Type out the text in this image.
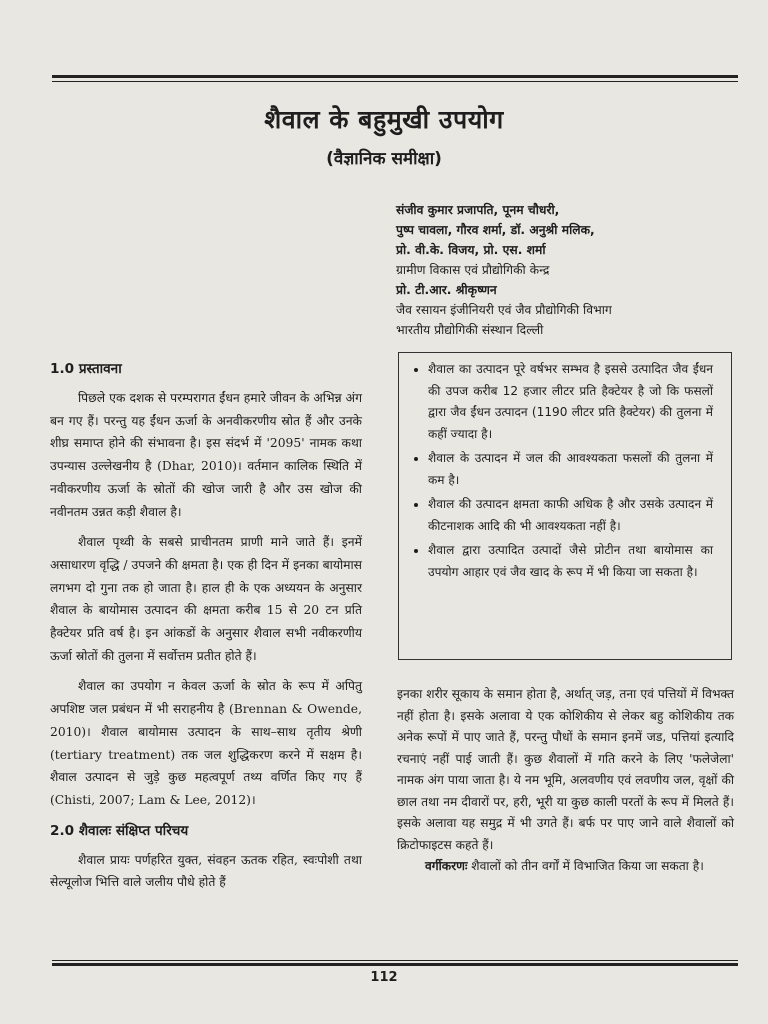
शैवाल के बहुमुखी उपयोग
(वैज्ञानिक समीक्षा)
संजीव कुमार प्रजापति, पूनम चौधरी,
पुष्प चावला, गौरव शर्मा, डॉ. अनुश्री मलिक,
प्रो. वी.के. विजय, प्रो. एस. शर्मा
ग्रामीण विकास एवं प्रौद्योगिकी केन्द्र
प्रो. टी.आर. श्रीकृष्णन
जैव रसायन इंजीनियरी एवं जैव प्रौद्योगिकी विभाग
भारतीय प्रौद्योगिकी संस्थान दिल्ली
1.0 प्रस्तावना

पिछले एक दशक से परम्परागत ईंधन हमारे जीवन के अभिन्न अंग बन गए हैं। परन्तु यह ईंधन ऊर्जा के अनवीकरणीय स्रोत हैं और उनके शीघ्र समाप्त होने की संभावना है। इस संदर्भ में '2095' नामक कथा उपन्यास उल्लेखनीय है (Dhar, 2010)। वर्तमान कालिक स्थिति में नवीकरणीय ऊर्जा के स्रोतों की खोज जारी है और उस खोज की नवीनतम उन्नत कड़ी शैवाल है।

शैवाल पृथ्वी के सबसे प्राचीनतम प्राणी माने जाते हैं। इनमें असाधारण वृद्धि / उपजने की क्षमता है। एक ही दिन में इनका बायोमास लगभग दो गुना तक हो जाता है। हाल ही के एक अध्ययन के अनुसार शैवाल के बायोमास उत्पादन की क्षमता करीब 15 से 20 टन प्रति हैक्टेयर प्रति वर्ष है। इन आंकडों के अनुसार शैवाल सभी नवीकरणीय ऊर्जा स्रोतों की तुलना में सर्वोत्तम प्रतीत होते हैं।

शैवाल का उपयोग न केवल ऊर्जा के स्रोत के रूप में अपितु अपशिष्ट जल प्रबंधन में भी सराहनीय है (Brennan & Owende, 2010)। शैवाल बायोमास उत्पादन के साथ–साथ तृतीय श्रेणी (tertiary treatment) तक जल शुद्धिकरण करने में सक्षम है। शैवाल उत्पादन से जुड़े कुछ महत्वपूर्ण तथ्य वर्णित किए गए हैं (Chisti, 2007; Lam & Lee, 2012)।

2.0 शैवालः संक्षिप्त परिचय

शैवाल प्रायः पर्णहरित युक्त, संवहन ऊतक रहित, स्वःपोशी तथा सेल्यूलोज भित्ति वाले जलीय पौधे होते हैं

• शैवाल का उत्पादन पूरे वर्षभर सम्भव है इससे उत्पादित जैव ईंधन की उपज करीब 12 हजार लीटर प्रति हैक्टेयर है जो कि फसलों द्वारा जैव ईंधन उत्पादन (1190 लीटर प्रति हैक्टेयर) की तुलना में कहीं ज्यादा है।
• शैवाल के उत्पादन में जल की आवश्यकता फसलों की तुलना में कम है।
• शैवाल की उत्पादन क्षमता काफी अधिक है और उसके उत्पादन में कीटनाशक आदि की भी आवश्यकता नहीं है।
• शैवाल द्वारा उत्पादित उत्पादों जैसे प्रोटीन तथा बायोमास का उपयोग आहार एवं जैव खाद के रूप में भी किया जा सकता है।

इनका शरीर सूकाय के समान होता है, अर्थात् जड़, तना एवं पत्तियों में विभक्त नहीं होता है। इसके अलावा ये एक कोशिकीय से लेकर बहु कोशिकीय तक अनेक रूपों में पाए जाते हैं, परन्तु पौधों के समान इनमें जड, पत्तियां इत्यादि रचनाएं नहीं पाई जाती हैं। कुछ शैवालों में गति करने के लिए 'फलेजेला' नामक अंग पाया जाता है। ये नम भूमि, अलवणीय एवं लवणीय जल, वृक्षों की छाल तथा नम दीवारों पर, हरी, भूरी या कुछ काली परतों के रूप में मिलते हैं। इसके अलावा यह समुद्र में भी उगते हैं। बर्फ पर पाए जाने वाले शैवालों को क्रिटोफाइटस कहते हैं।

वर्गीकरणः शैवालों को तीन वर्गों में विभाजित किया जा सकता है।

112
